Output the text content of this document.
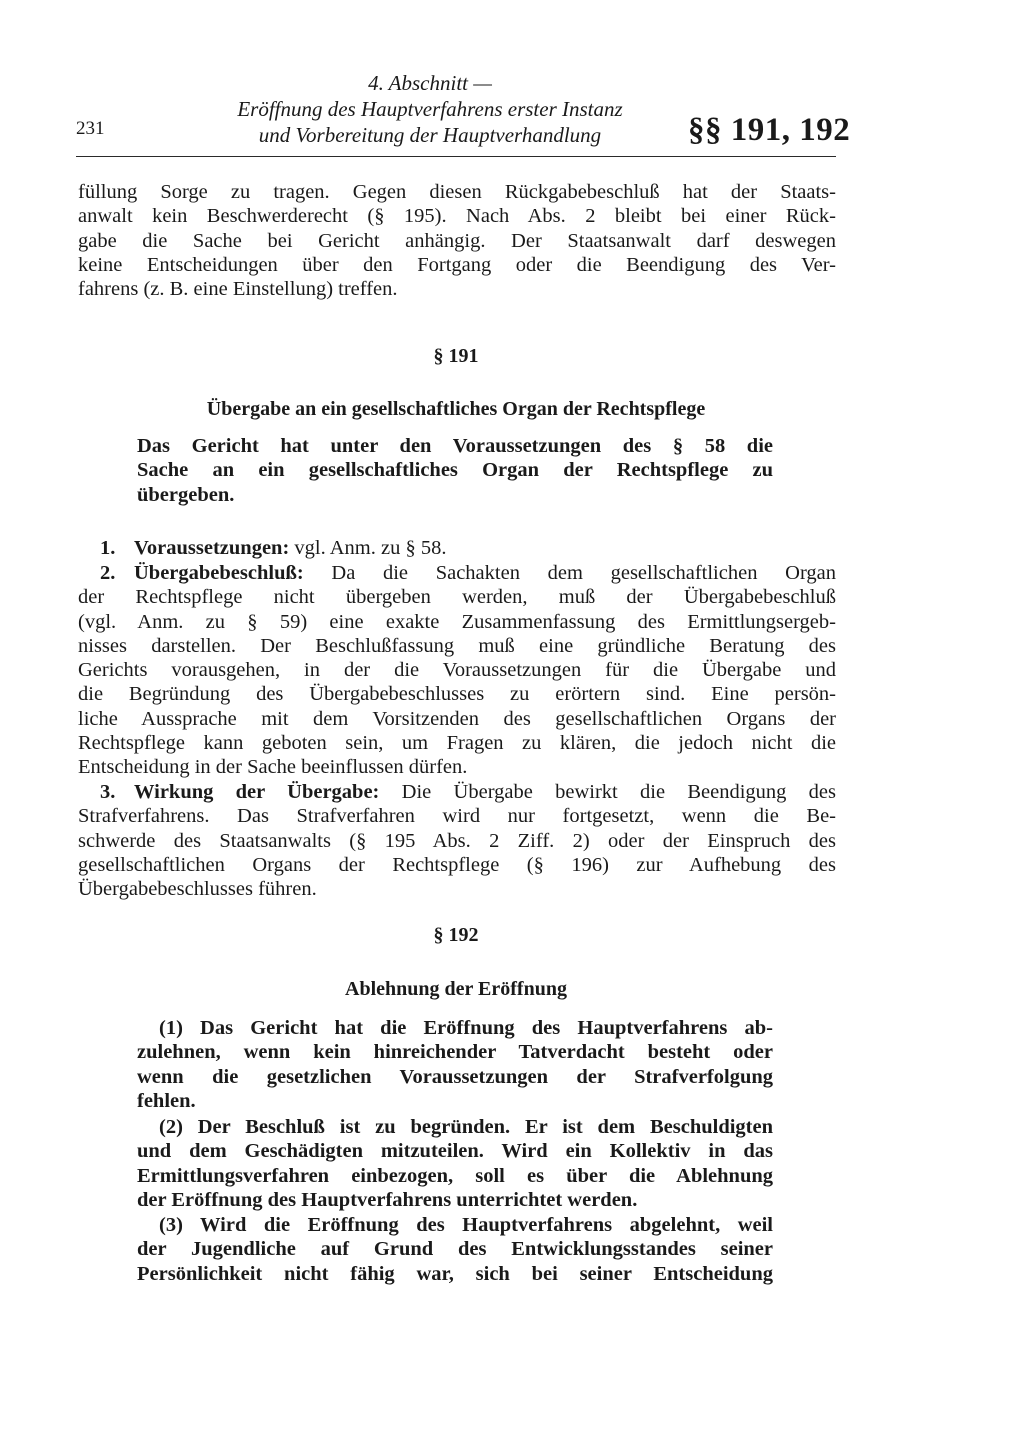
4. Abschnitt —
Eröffnung des Hauptverfahrens erster Instanz
und Vorbereitung der Hauptverhandlung
231	§§ 191, 192
füllung Sorge zu tragen. Gegen diesen Rückgabebeschluß hat der Staats-
anwalt kein Beschwerderecht (§ 195). Nach Abs. 2 bleibt bei einer Rück-
gabe die Sache bei Gericht anhängig. Der Staatsanwalt darf deswegen
keine Entscheidungen über den Fortgang oder die Beendigung des Ver-
fahrens (z. B. eine Einstellung) treffen.
§ 191
Übergabe an ein gesellschaftliches Organ der Rechtspflege
Das Gericht hat unter den Voraussetzungen des § 58 die
Sache an ein gesellschaftliches Organ der Rechtspflege zu
übergeben.
1. Voraussetzungen: vgl. Anm. zu § 58.
2. Übergabebeschluß: Da die Sachakten dem gesellschaftlichen Organ
der Rechtspflege nicht übergeben werden, muß der Übergabebeschluß
(vgl. Anm. zu § 59) eine exakte Zusammenfassung des Ermittlungsergeb-
nisses darstellen. Der Beschlußfassung muß eine gründliche Beratung des
Gerichts vorausgehen, in der die Voraussetzungen für die Übergabe und
die Begründung des Übergabebeschlusses zu erörtern sind. Eine persön-
liche Aussprache mit dem Vorsitzenden des gesellschaftlichen Organs der
Rechtspflege kann geboten sein, um Fragen zu klären, die jedoch nicht die
Entscheidung in der Sache beeinflussen dürfen.
3. Wirkung der Übergabe: Die Übergabe bewirkt die Beendigung des
Strafverfahrens. Das Strafverfahren wird nur fortgesetzt, wenn die Be-
schwerde des Staatsanwalts (§ 195 Abs. 2 Ziff. 2) oder der Einspruch des
gesellschaftlichen Organs der Rechtspflege (§ 196) zur Aufhebung des
Übergabebeschlusses führen.
§ 192
Ablehnung der Eröffnung
(1) Das Gericht hat die Eröffnung des Hauptverfahrens ab-
zulehnen, wenn kein hinreichender Tatverdacht besteht oder
wenn die gesetzlichen Voraussetzungen der Strafverfolgung
fehlen.
(2) Der Beschluß ist zu begründen. Er ist dem Beschuldigten
und dem Geschädigten mitzuteilen. Wird ein Kollektiv in das
Ermittlungsverfahren einbezogen, soll es über die Ablehnung
der Eröffnung des Hauptverfahrens unterrichtet werden.
(3) Wird die Eröffnung des Hauptverfahrens abgelehnt, weil
der Jugendliche auf Grund des Entwicklungsstandes seiner
Persönlichkeit nicht fähig war, sich bei seiner Entscheidung
